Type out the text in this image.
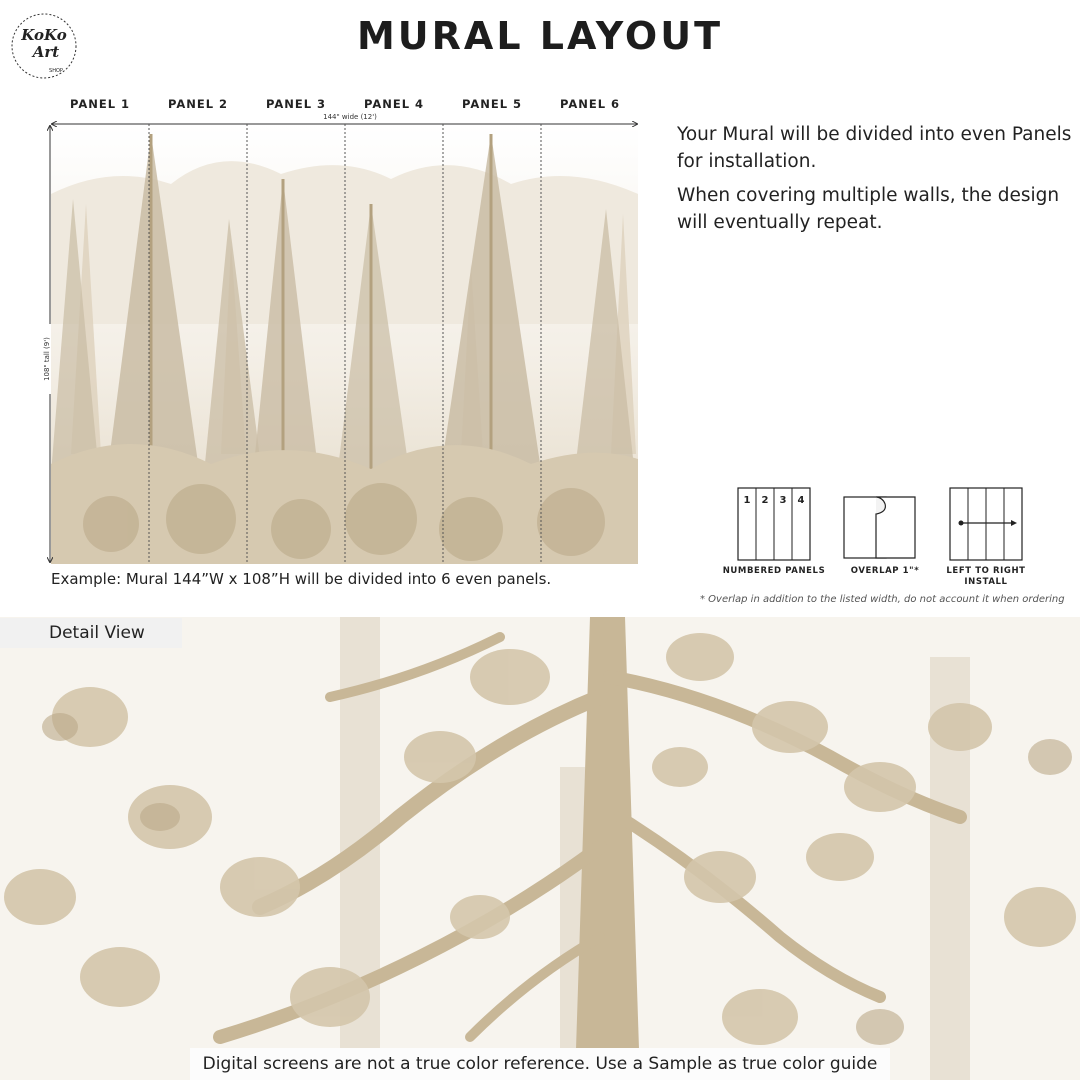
KoKo
Art
SHOP
MURAL LAYOUT
PANEL 1	PANEL 2	PANEL 3	PANEL 4	PANEL 5	PANEL 6
144" wide (12')
108" tall (9')
Example: Mural 144”W x 108”H will be divided into 6 even panels.
Your Mural will be divided into even Panels for installation.
When covering multiple walls, the design will eventually repeat.
1 2 3 4
NUMBERED PANELS	OVERLAP 1"*	LEFT TO RIGHT
INSTALL
* Overlap in addition to the listed width, do not account it when ordering
Detail View
Digital screens are not a true color reference. Use a Sample as true color guide
